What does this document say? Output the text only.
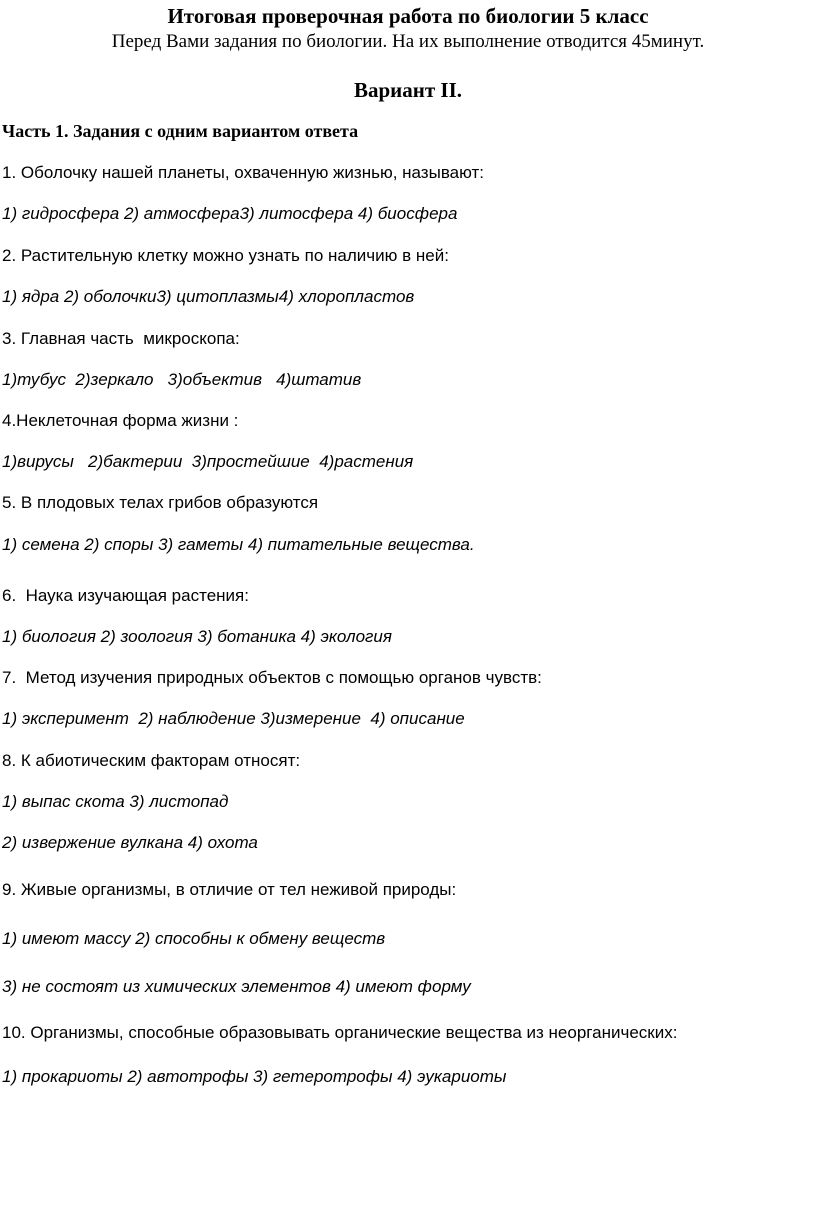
Итоговая проверочная работа по биологии 5 класс
Перед Вами задания по биологии. На их выполнение отводится 45минут.
Вариант II.
Часть 1. Задания с одним вариантом ответа
1. Оболочку нашей планеты, охваченную жизнью, называют:
1) гидросфера 2) атмосфера3) литосфера 4) биосфера
2. Растительную клетку можно узнать по наличию в ней:
1) ядра 2) оболочки3) цитоплазмы4) хлоропластов
3. Главная часть  микроскопа:
1)тубус  2)зеркало   3)объектив   4)штатив
4.Неклеточная форма жизни :
1)вирусы   2)бактерии  3)простейшие  4)растения
5. В плодовых телах грибов образуются
1) семена 2) споры 3) гаметы 4) питательные вещества.
6.  Наука изучающая растения:
1) биология 2) зоология 3) ботаника 4) экология
7.  Метод изучения природных объектов с помощью органов чувств:
1) эксперимент  2) наблюдение 3)измерение  4) описание
8. К абиотическим факторам относят:
1) выпас скота 3) листопад
2) извержение вулкана 4) охота
9. Живые организмы, в отличие от тел неживой природы:
1) имеют массу 2) способны к обмену веществ
3) не состоят из химических элементов 4) имеют форму
10. Организмы, способные образовывать органические вещества из неорганических:
1) прокариоты 2) автотрофы 3) гетеротрофы 4) эукариоты
